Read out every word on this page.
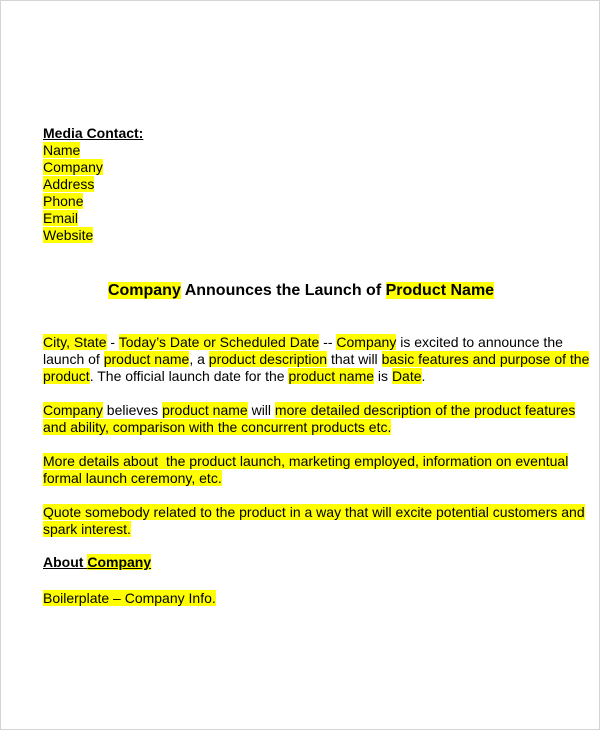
Media Contact:
Name
Company
Address
Phone
Email
Website
Company Announces the Launch of Product Name
City, State - Today’s Date or Scheduled Date -- Company is excited to announce the
launch of product name, a product description that will basic features and purpose of the
product. The official launch date for the product name is Date.
Company believes product name will more detailed description of the product features
and ability, comparison with the concurrent products etc.
More details about  the product launch, marketing employed, information on eventual
formal launch ceremony, etc.
Quote somebody related to the product in a way that will excite potential customers and
spark interest.
About Company
Boilerplate – Company Info.
